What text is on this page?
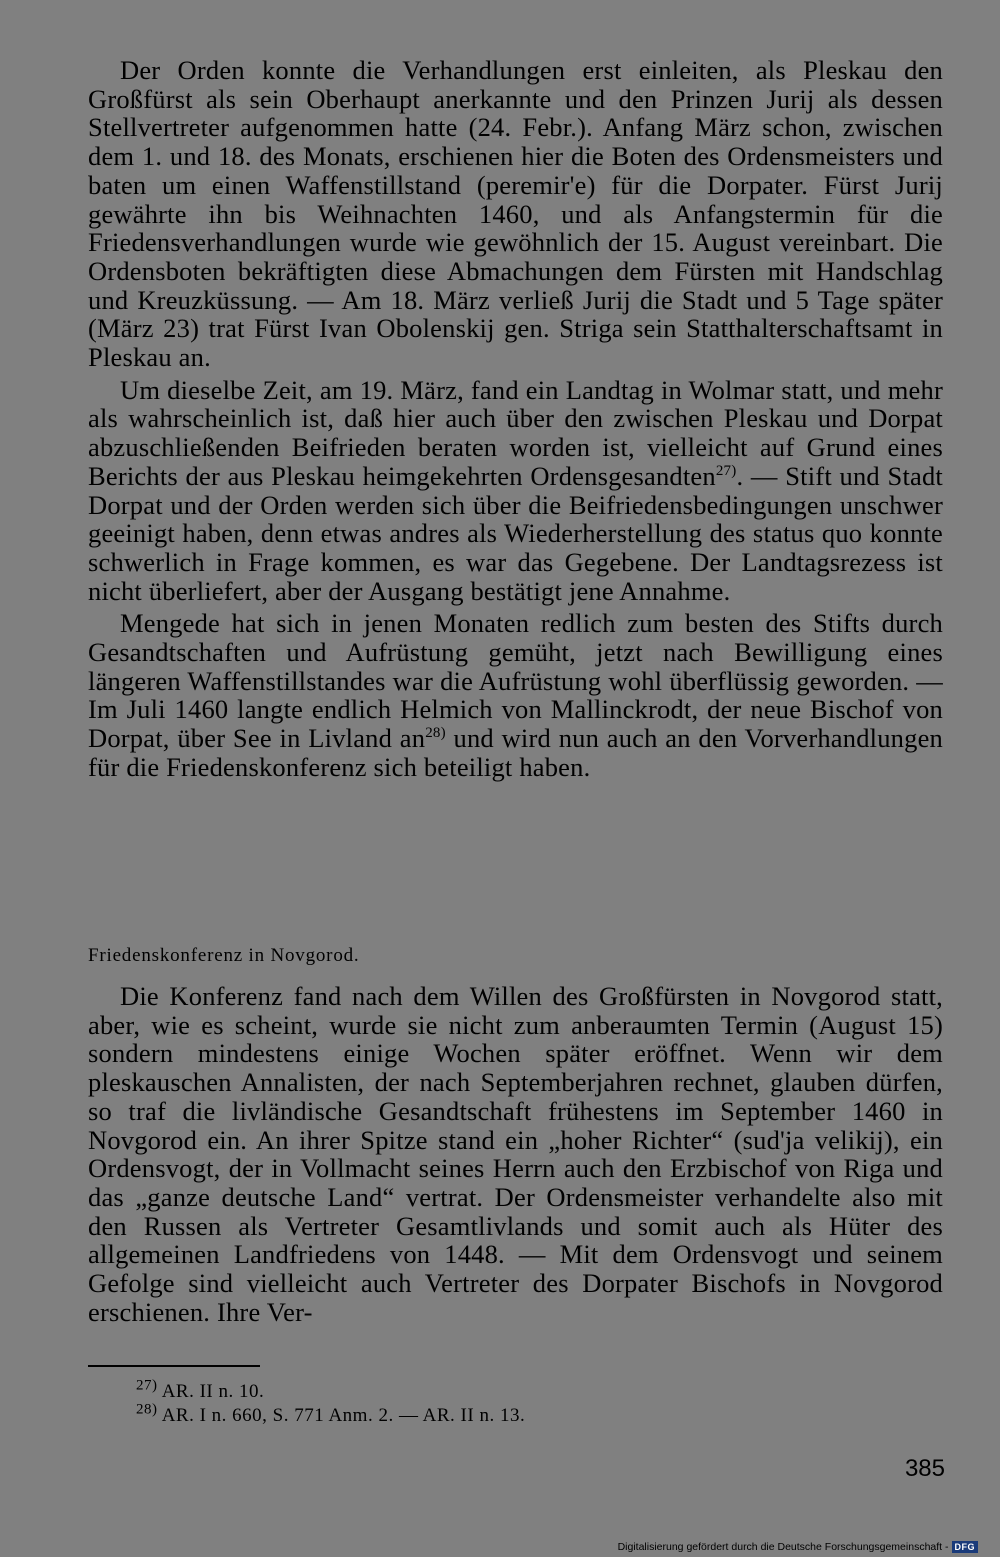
Der Orden konnte die Verhandlungen erst einleiten, als Pleskau den Großfürst als sein Oberhaupt anerkannte und den Prinzen Jurij als dessen Stellvertreter aufgenommen hatte (24. Febr.). Anfang März schon, zwischen dem 1. und 18. des Monats, erschienen hier die Boten des Ordensmeisters und baten um einen Waffenstillstand (peremir'e) für die Dorpater. Fürst Jurij gewährte ihn bis Weihnachten 1460, und als Anfangstermin für die Friedensverhandlungen wurde wie gewöhnlich der 15. August vereinbart. Die Ordensboten bekräftigten diese Abmachungen dem Fürsten mit Handschlag und Kreuzküssung. — Am 18. März verließ Jurij die Stadt und 5 Tage später (März 23) trat Fürst Ivan Obolenskij gen. Striga sein Statthalterschaftsamt in Pleskau an.

Um dieselbe Zeit, am 19. März, fand ein Landtag in Wolmar statt, und mehr als wahrscheinlich ist, daß hier auch über den zwischen Pleskau und Dorpat abzuschließenden Beifrieden beraten worden ist, vielleicht auf Grund eines Berichts der aus Pleskau heimgekehrten Ordensgesandten$^{27)}$. — Stift und Stadt Dorpat und der Orden werden sich über die Beifriedensbedingungen unschwer geeinigt haben, denn etwas andres als Wiederherstellung des status quo konnte schwerlich in Frage kommen, es war das Gegebene. Der Landtagsrezess ist nicht überliefert, aber der Ausgang bestätigt jene Annahme.

Mengede hat sich in jenen Monaten redlich zum besten des Stifts durch Gesandtschaften und Aufrüstung gemüht, jetzt nach Bewilligung eines längeren Waffenstillstandes war die Aufrüstung wohl überflüssig geworden. — Im Juli 1460 langte endlich Helmich von Mallinckrodt, der neue Bischof von Dorpat, über See in Livland $an^{28)}$ und wird nun auch an den Vorverhandlungen für die Friedenskonferenz sich beteiligt haben.

Friedenskonferenz in Novgorod.

Die Konferenz fand nach dem Willen des Großfürsten in Novgorod statt, aber, wie es scheint, wurde sie nicht zum anberaumten Termin (August 15) sondern mindestens einige Wochen später eröffnet. Wenn wir dem pleskauschen Annalisten, der nach Septemberjahren rechnet, glauben dürfen, so traf die livländische Gesandtschaft frühestens im September 1460 in Novgorod ein. An ihrer Spitze stand ein „hoher Richter“ (sud'ja velikij), ein Ordensvogt, der in Vollmacht seines Herrn auch den Erzbischof von Riga und das „ganze deutsche Land“ vertrat. Der Ordensmeister verhandelte also mit den Russen als Vertreter Gesamtlivlands und somit auch als Hüter des allgemeinen Landfriedens von 1448. — Mit dem Ordensvogt und seinem Gefolge sind vielleicht auch Vertreter des Dorpater Bischofs in Novgorod erschienen. Ihre Ver-

$^{27)}$ AR. II n. 10.

$^{28)}$ AR. I n. 660, S. 771 Anm. 2. — AR. II n. 13.

385

Digitalisierung gefördert durch die Deutsche Forschungsgemeinschaft - DFG
